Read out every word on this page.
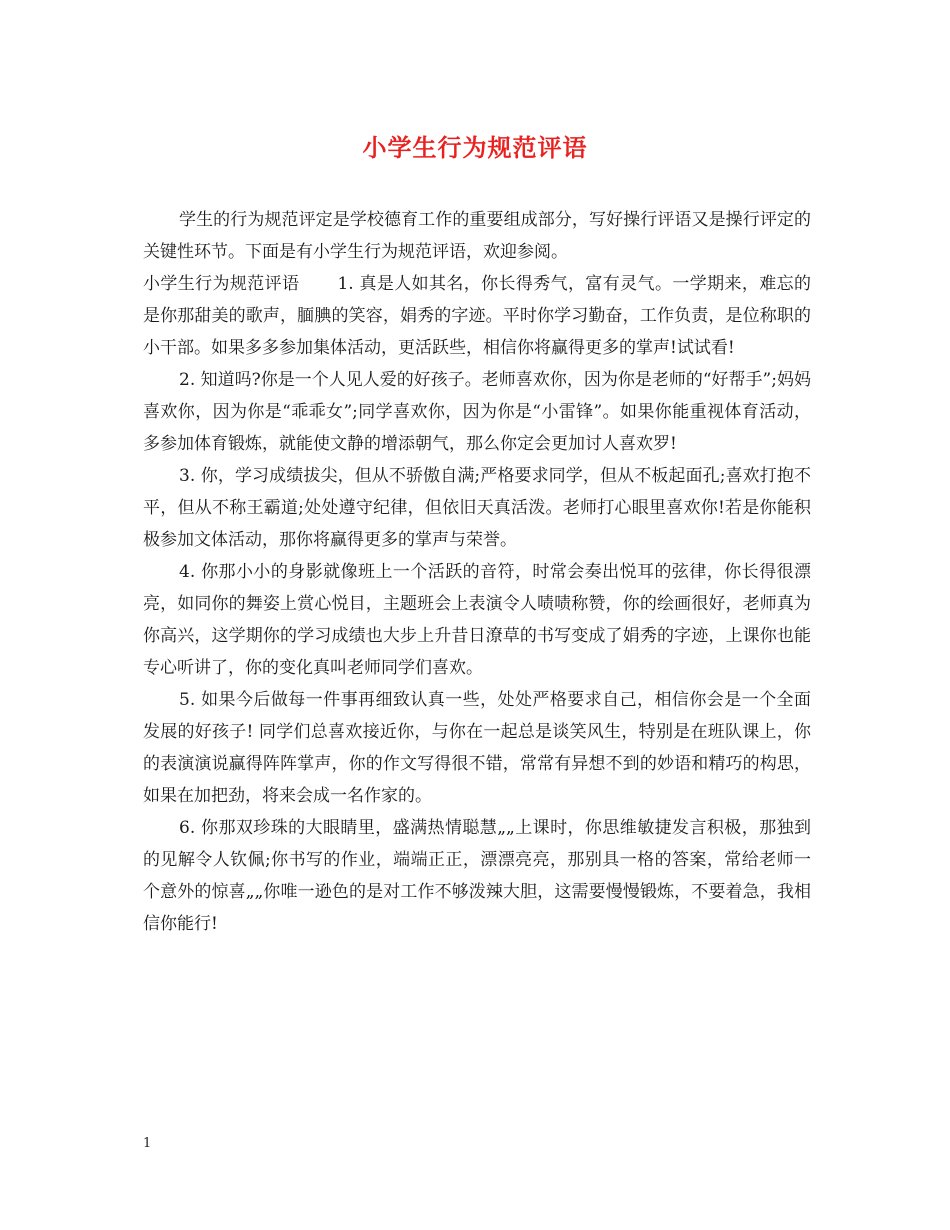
小学生行为规范评语

学生的行为规范评定是学校德育工作的重要组成部分，写好操行评语又是操行评定的关键性环节。下面是有小学生行为规范评语，欢迎参阅。

小学生行为规范评语 1. 真是人如其名，你长得秀气，富有灵气。一学期来，难忘的是你那甜美的歌声，腼腆的笑容，娟秀的字迹。平时你学习勤奋，工作负责，是位称职的小干部。如果多多参加集体活动，更活跃些，相信你将赢得更多的掌声!试试看!

2. 知道吗?你是一个人见人爱的好孩子。老师喜欢你，因为你是老师的“好帮手”;妈妈喜欢你，因为你是“乖乖女”;同学喜欢你，因为你是“小雷锋”。如果你能重视体育活动，多参加体育锻炼，就能使文静的增添朝气，那么你定会更加讨人喜欢罗!

3. 你，学习成绩拔尖，但从不骄傲自满;严格要求同学，但从不板起面孔;喜欢打抱不平，但从不称王霸道;处处遵守纪律，但依旧天真活泼。老师打心眼里喜欢你!若是你能积极参加文体活动，那你将赢得更多的掌声与荣誉。

4. 你那小小的身影就像班上一个活跃的音符，时常会奏出悦耳的弦律，你长得很漂亮，如同你的舞姿上赏心悦目，主题班会上表演令人啧啧称赞，你的绘画很好，老师真为你高兴，这学期你的学习成绩也大步上升昔日潦草的书写变成了娟秀的字迹，上课你也能专心听讲了，你的变化真叫老师同学们喜欢。

5. 如果今后做每一件事再细致认真一些，处处严格要求自己，相信你会是一个全面发展的好孩子! 同学们总喜欢接近你，与你在一起总是谈笑风生，特别是在班队课上，你的表演演说赢得阵阵掌声，你的作文写得很不错，常常有异想不到的妙语和精巧的构思，如果在加把劲，将来会成一名作家的。

6. 你那双珍珠的大眼睛里，盛满热情聪慧„„上课时，你思维敏捷发言积极，那独到的见解令人钦佩;你书写的作业，端端正正，漂漂亮亮，那别具一格的答案，常给老师一个意外的惊喜„„你唯一逊色的是对工作不够泼辣大胆，这需要慢慢锻炼，不要着急，我相信你能行!

1
